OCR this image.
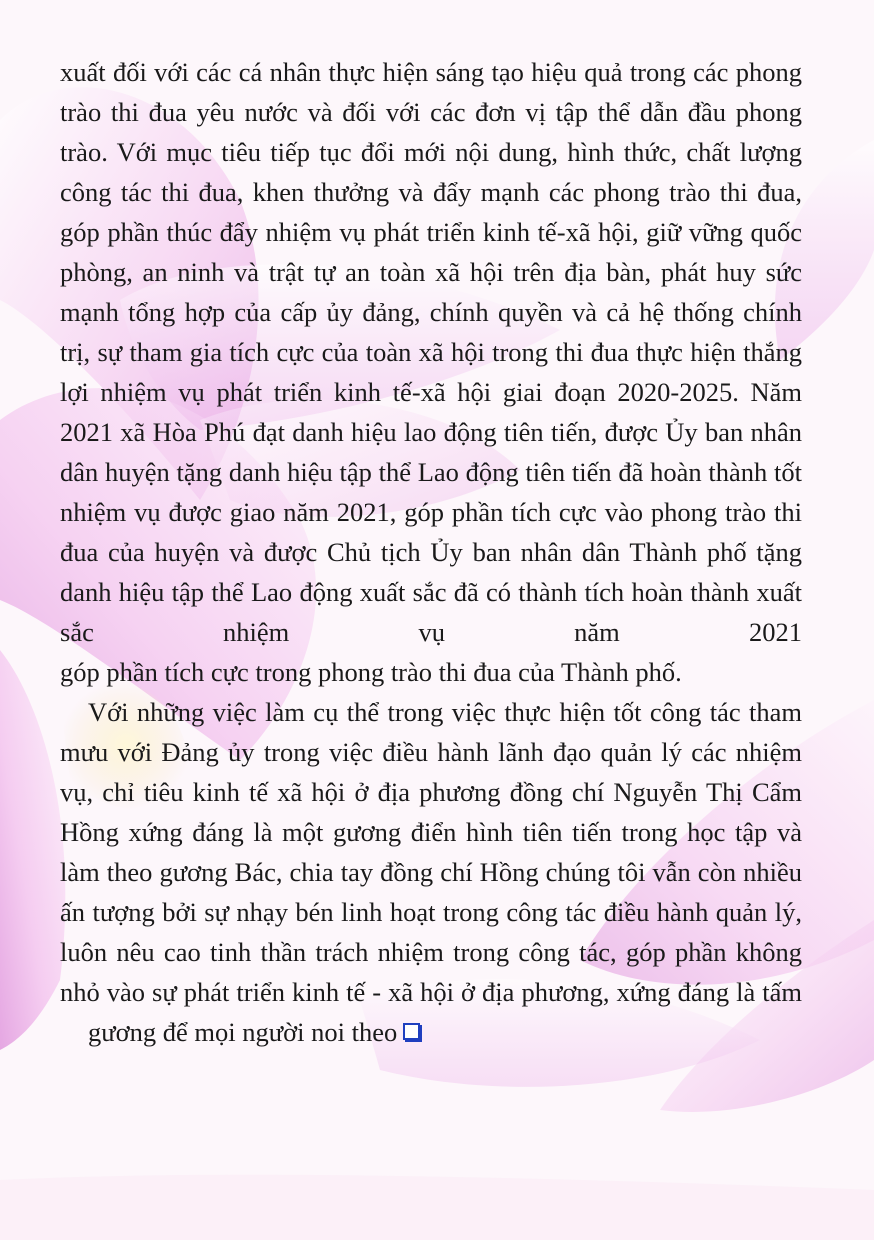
xuất đối với các cá nhân thực hiện sáng tạo hiệu quả trong các phong trào thi đua yêu nước và đối với các đơn vị tập thể dẫn đầu phong trào. Với mục tiêu tiếp tục đổi mới nội dung, hình thức, chất lượng công tác thi đua, khen thưởng và đẩy mạnh các phong trào thi đua, góp phần thúc đẩy nhiệm vụ phát triển kinh tế-xã hội, giữ vững quốc phòng, an ninh và trật tự an toàn xã hội trên địa bàn, phát huy sức mạnh tổng hợp của cấp ủy đảng, chính quyền và cả hệ thống chính trị, sự tham gia tích cực của toàn xã hội trong thi đua thực hiện thắng lợi nhiệm vụ phát triển kinh tế-xã hội giai đoạn 2020-2025. Năm 2021 xã Hòa Phú đạt danh hiệu lao động tiên tiến, được Ủy ban nhân dân huyện tặng danh hiệu tập thể Lao động tiên tiến đã hoàn thành tốt nhiệm vụ được giao năm 2021, góp phần tích cực vào phong trào thi đua của huyện và được Chủ tịch Ủy ban nhân dân Thành phố tặng danh hiệu tập thể Lao động xuất sắc đã có thành tích hoàn thành xuất sắc nhiệm vụ năm 2021
góp phần tích cực trong phong trào thi đua của Thành phố.

Với những việc làm cụ thể trong việc thực hiện tốt công tác tham mưu với Đảng ủy trong việc điều hành lãnh đạo quản lý các nhiệm vụ, chỉ tiêu kinh tế xã hội ở địa phương đồng chí Nguyễn Thị Cẩm Hồng xứng đáng là một gương điển hình tiên tiến trong học tập và làm theo gương Bác, chia tay đồng chí Hồng chúng tôi vẫn còn nhiều ấn tượng bởi sự nhạy bén linh hoạt trong công tác điều hành quản lý, luôn nêu cao tinh thần trách nhiệm trong công tác, góp phần không nhỏ vào sự phát triển kinh tế - xã hội ở địa phương, xứng đáng là tấm
gương để mọi người noi theo
